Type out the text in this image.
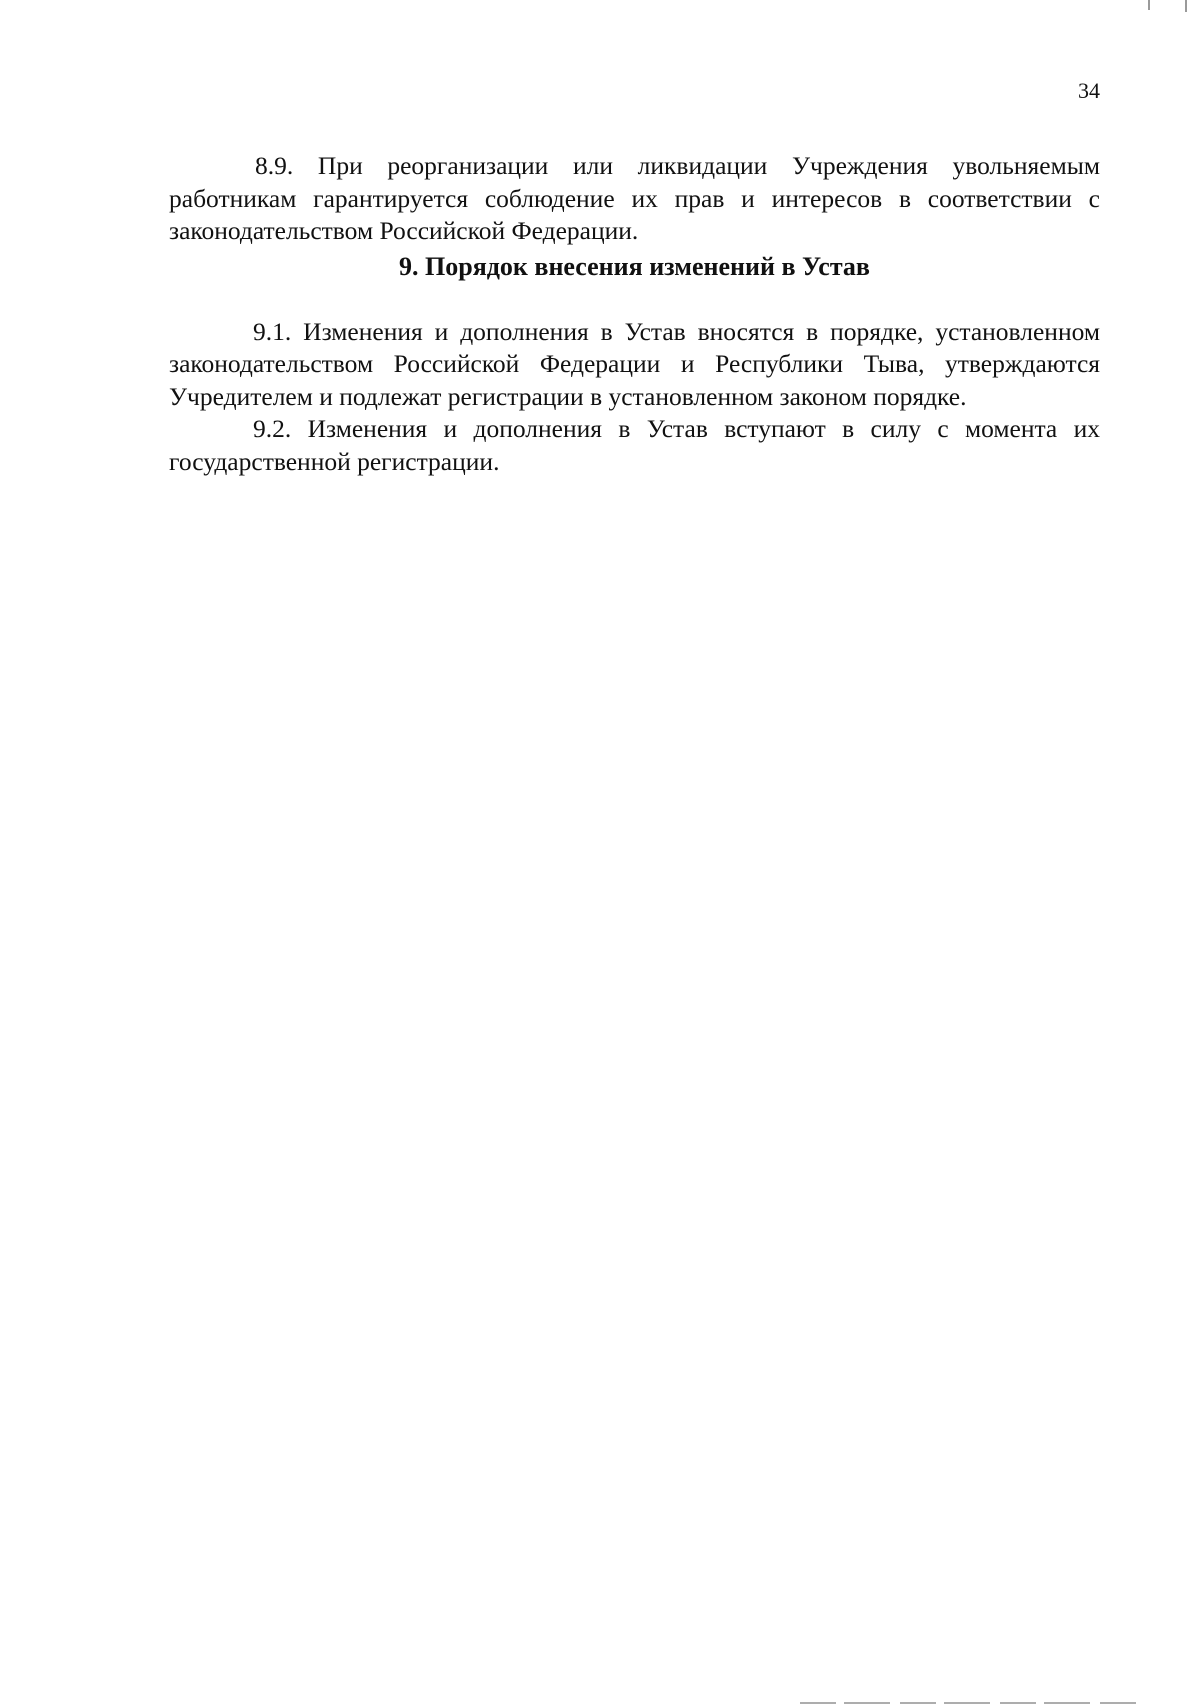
34

8.9. При реорганизации или ликвидации Учреждения увольняемым работникам гарантируется соблюдение их прав и интересов в соответствии с законодательством Российской Федерации.

9. Порядок внесения изменений в Устав

9.1. Изменения и дополнения в Устав вносятся в порядке, установленном законодательством Российской Федерации и Республики Тыва, утверждаются Учредителем и подлежат регистрации в установленном законом порядке.

9.2. Изменения и дополнения в Устав вступают в силу с момента их государственной регистрации.
